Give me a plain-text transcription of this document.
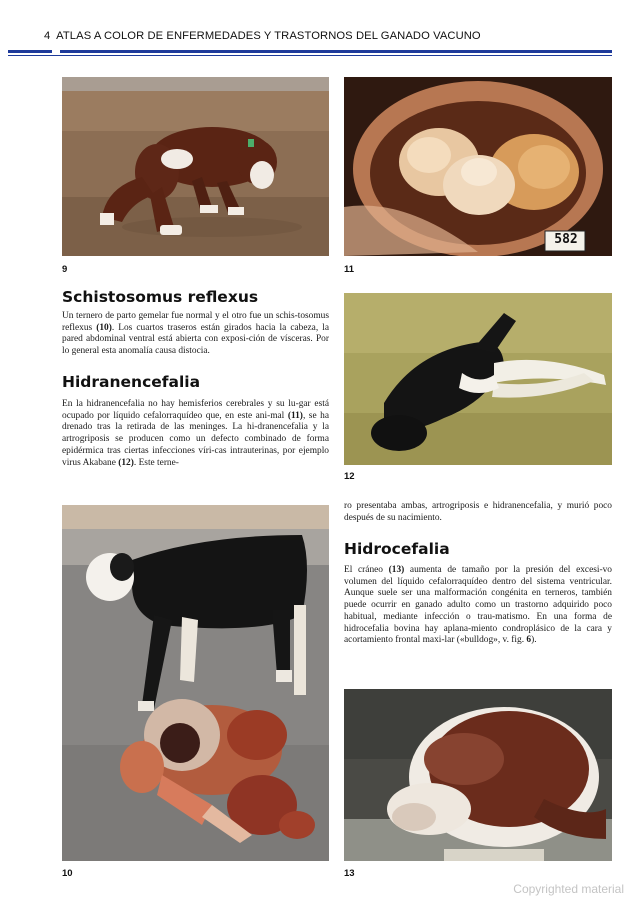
4 ATLAS A COLOR DE ENFERMEDADES Y TRASTORNOS DEL GANADO VACUNO
9
582
11
Schistosomus reflexus

Un ternero de parto gemelar fue normal y el otro fue un schis-tosomus reflexus (10). Los cuartos traseros están girados hacia la cabeza, la pared abdominal ventral está abierta con exposi-ción de vísceras. Por lo general esta anomalía causa distocia.

Hidranencefalia

En la hidranencefalia no hay hemisferios cerebrales y su lu-gar está ocupado por líquido cefalorraquídeo que, en este ani-mal (11), se ha drenado tras la retirada de las meninges. La hi-dranencefalia y la artrogriposis se producen como un defecto combinado de forma epidérmica tras ciertas infecciones víri-cas intrauterinas, por ejemplo virus Akabane (12). Este terne-

12
10

ro presentaba ambas, artrogriposis e hidranencefalia, y murió poco después de su nacimiento.

Hidrocefalia

El cráneo (13) aumenta de tamaño por la presión del excesi-vo volumen del líquido cefalorraquídeo dentro del sistema ventricular. Aunque suele ser una malformación congénita en terneros, también puede ocurrir en ganado adulto como un trastorno adquirido poco habitual, mediante infección o trau-matismo. En una forma de hidrocefalia bovina hay aplana-miento condroplásico de la cara y acortamiento frontal maxi-lar («bulldog», v. fig. 6).

13
Copyrighted material
